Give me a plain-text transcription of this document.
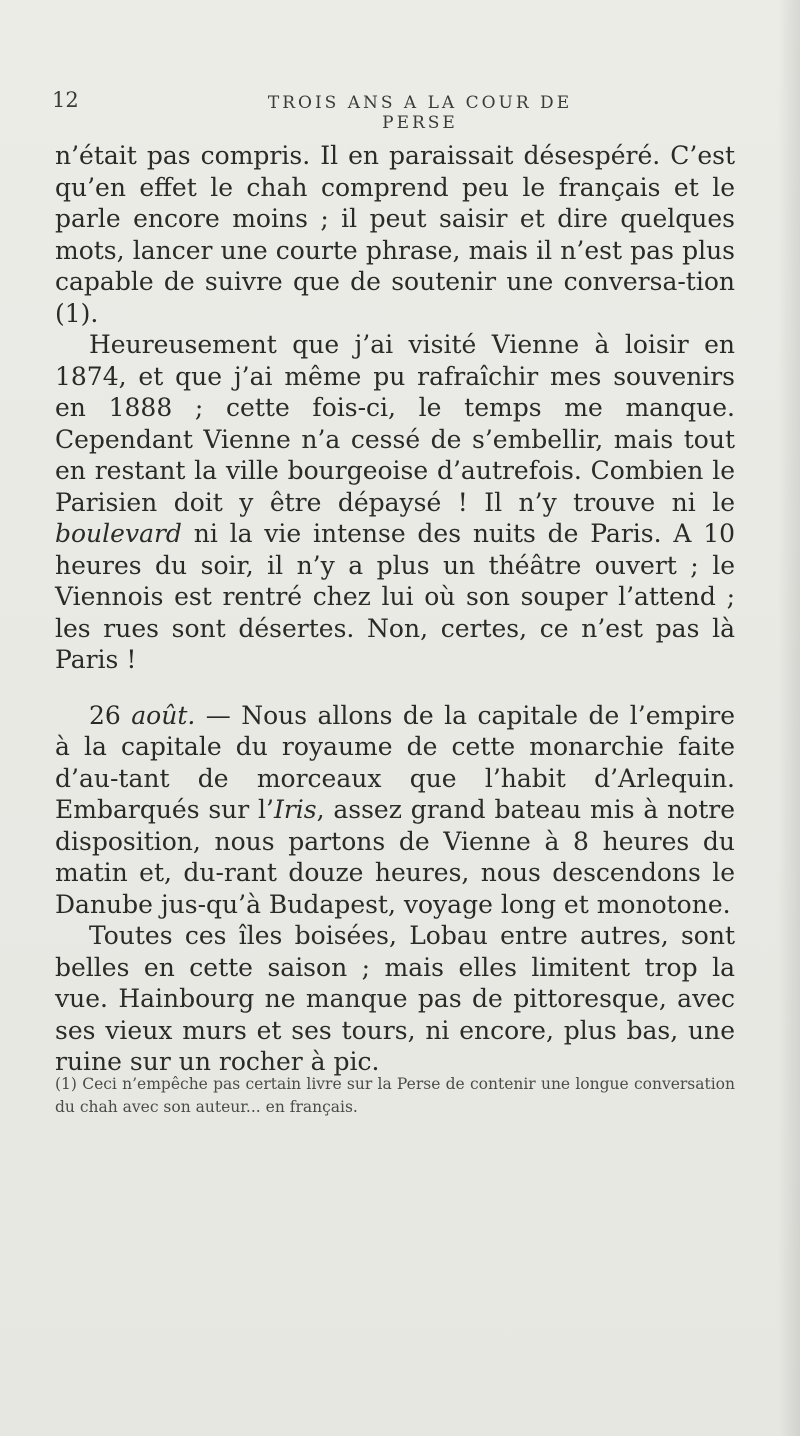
12	TROIS ANS A LA COUR DE PERSE

n’était pas compris. Il en paraissait désespéré. C’est qu’en effet le chah comprend peu le français et le parle encore moins ; il peut saisir et dire quelques mots, lancer une courte phrase, mais il n’est pas plus capable de suivre que de soutenir une conversa-tion (1).

Heureusement que j’ai visité Vienne à loisir en 1874, et que j’ai même pu rafraîchir mes souvenirs en 1888 ; cette fois-ci, le temps me manque. Cependant Vienne n’a cessé de s’embellir, mais tout en restant la ville bourgeoise d’autrefois. Combien le Parisien doit y être dépaysé ! Il n’y trouve ni le boulevard ni la vie intense des nuits de Paris. A 10 heures du soir, il n’y a plus un théâtre ouvert ; le Viennois est rentré chez lui où son souper l’attend ; les rues sont désertes. Non, certes, ce n’est pas là Paris !

26 août. — Nous allons de la capitale de l’empire à la capitale du royaume de cette monarchie faite d’au-tant de morceaux que l’habit d’Arlequin. Embarqués sur l’Iris, assez grand bateau mis à notre disposition, nous partons de Vienne à 8 heures du matin et, du-rant douze heures, nous descendons le Danube jus-qu’à Budapest, voyage long et monotone.

Toutes ces îles boisées, Lobau entre autres, sont belles en cette saison ; mais elles limitent trop la vue. Hainbourg ne manque pas de pittoresque, avec ses vieux murs et ses tours, ni encore, plus bas, une ruine sur un rocher à pic.

(1) Ceci n’empêche pas certain livre sur la Perse de contenir une longue conversation du chah avec son auteur... en français.
